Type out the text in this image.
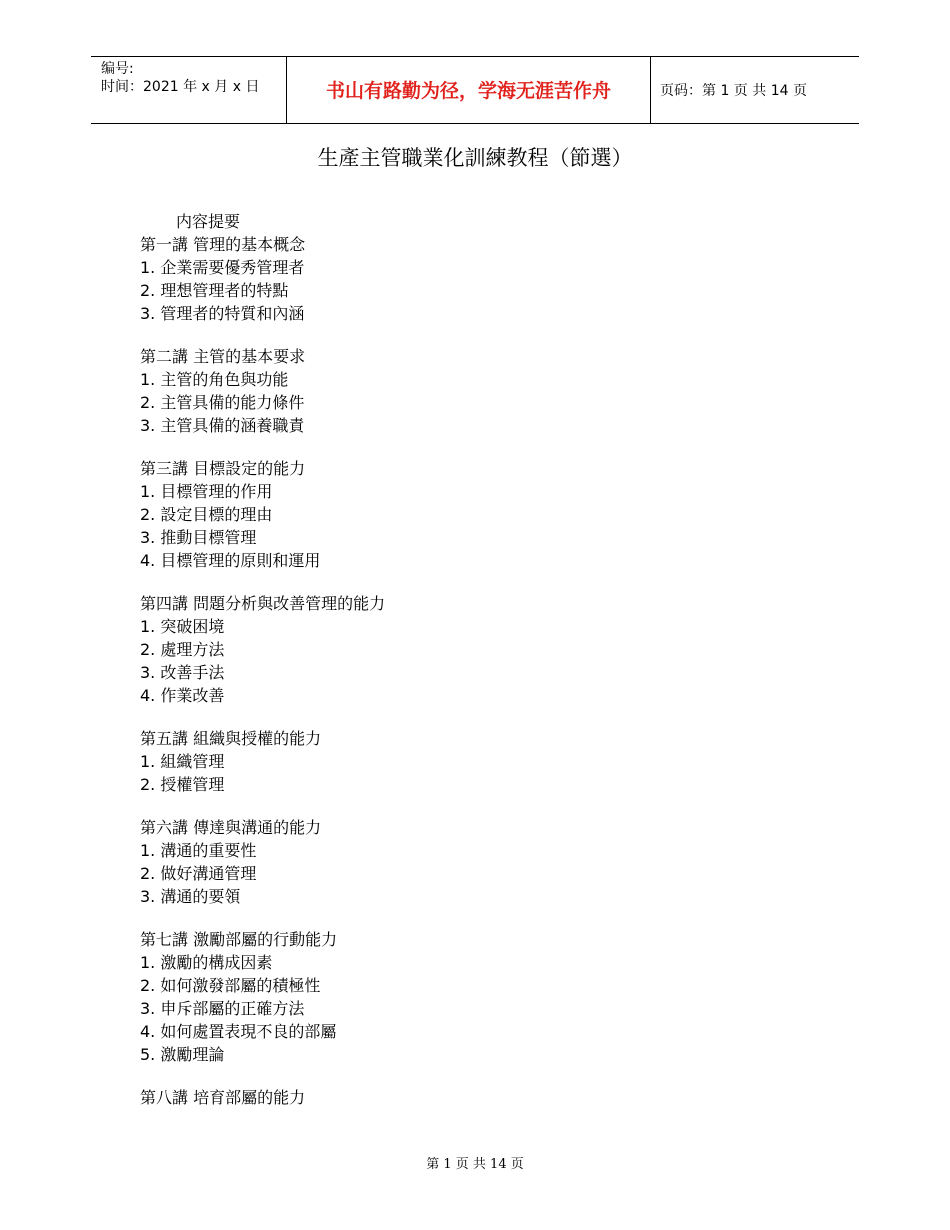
编号:
时间：2021 年 x 月 x 日	书山有路勤为径，学海无涯苦作舟	页码：第 1 页 共 14 页
生產主管職業化訓練教程（節選）
内容提要
第一講 管理的基本概念
1. 企業需要優秀管理者
2. 理想管理者的特點
3. 管理者的特質和內涵
第二講 主管的基本要求
1. 主管的角色與功能
2. 主管具備的能力條件
3. 主管具備的涵養職責
第三講 目標設定的能力
1. 目標管理的作用
2. 設定目標的理由
3. 推動目標管理
4. 目標管理的原則和運用
第四講 問題分析與改善管理的能力
1. 突破困境
2. 處理方法
3. 改善手法
4. 作業改善
第五講 組織與授權的能力
1. 組織管理
2. 授權管理
第六講 傳達與溝通的能力
1. 溝通的重要性
2. 做好溝通管理
3. 溝通的要領
第七講 激勵部屬的行動能力
1. 激勵的構成因素
2. 如何激發部屬的積極性
3. 申斥部屬的正確方法
4. 如何處置表現不良的部屬
5. 激勵理論
第八講 培育部屬的能力
第 1 页 共 14 页
